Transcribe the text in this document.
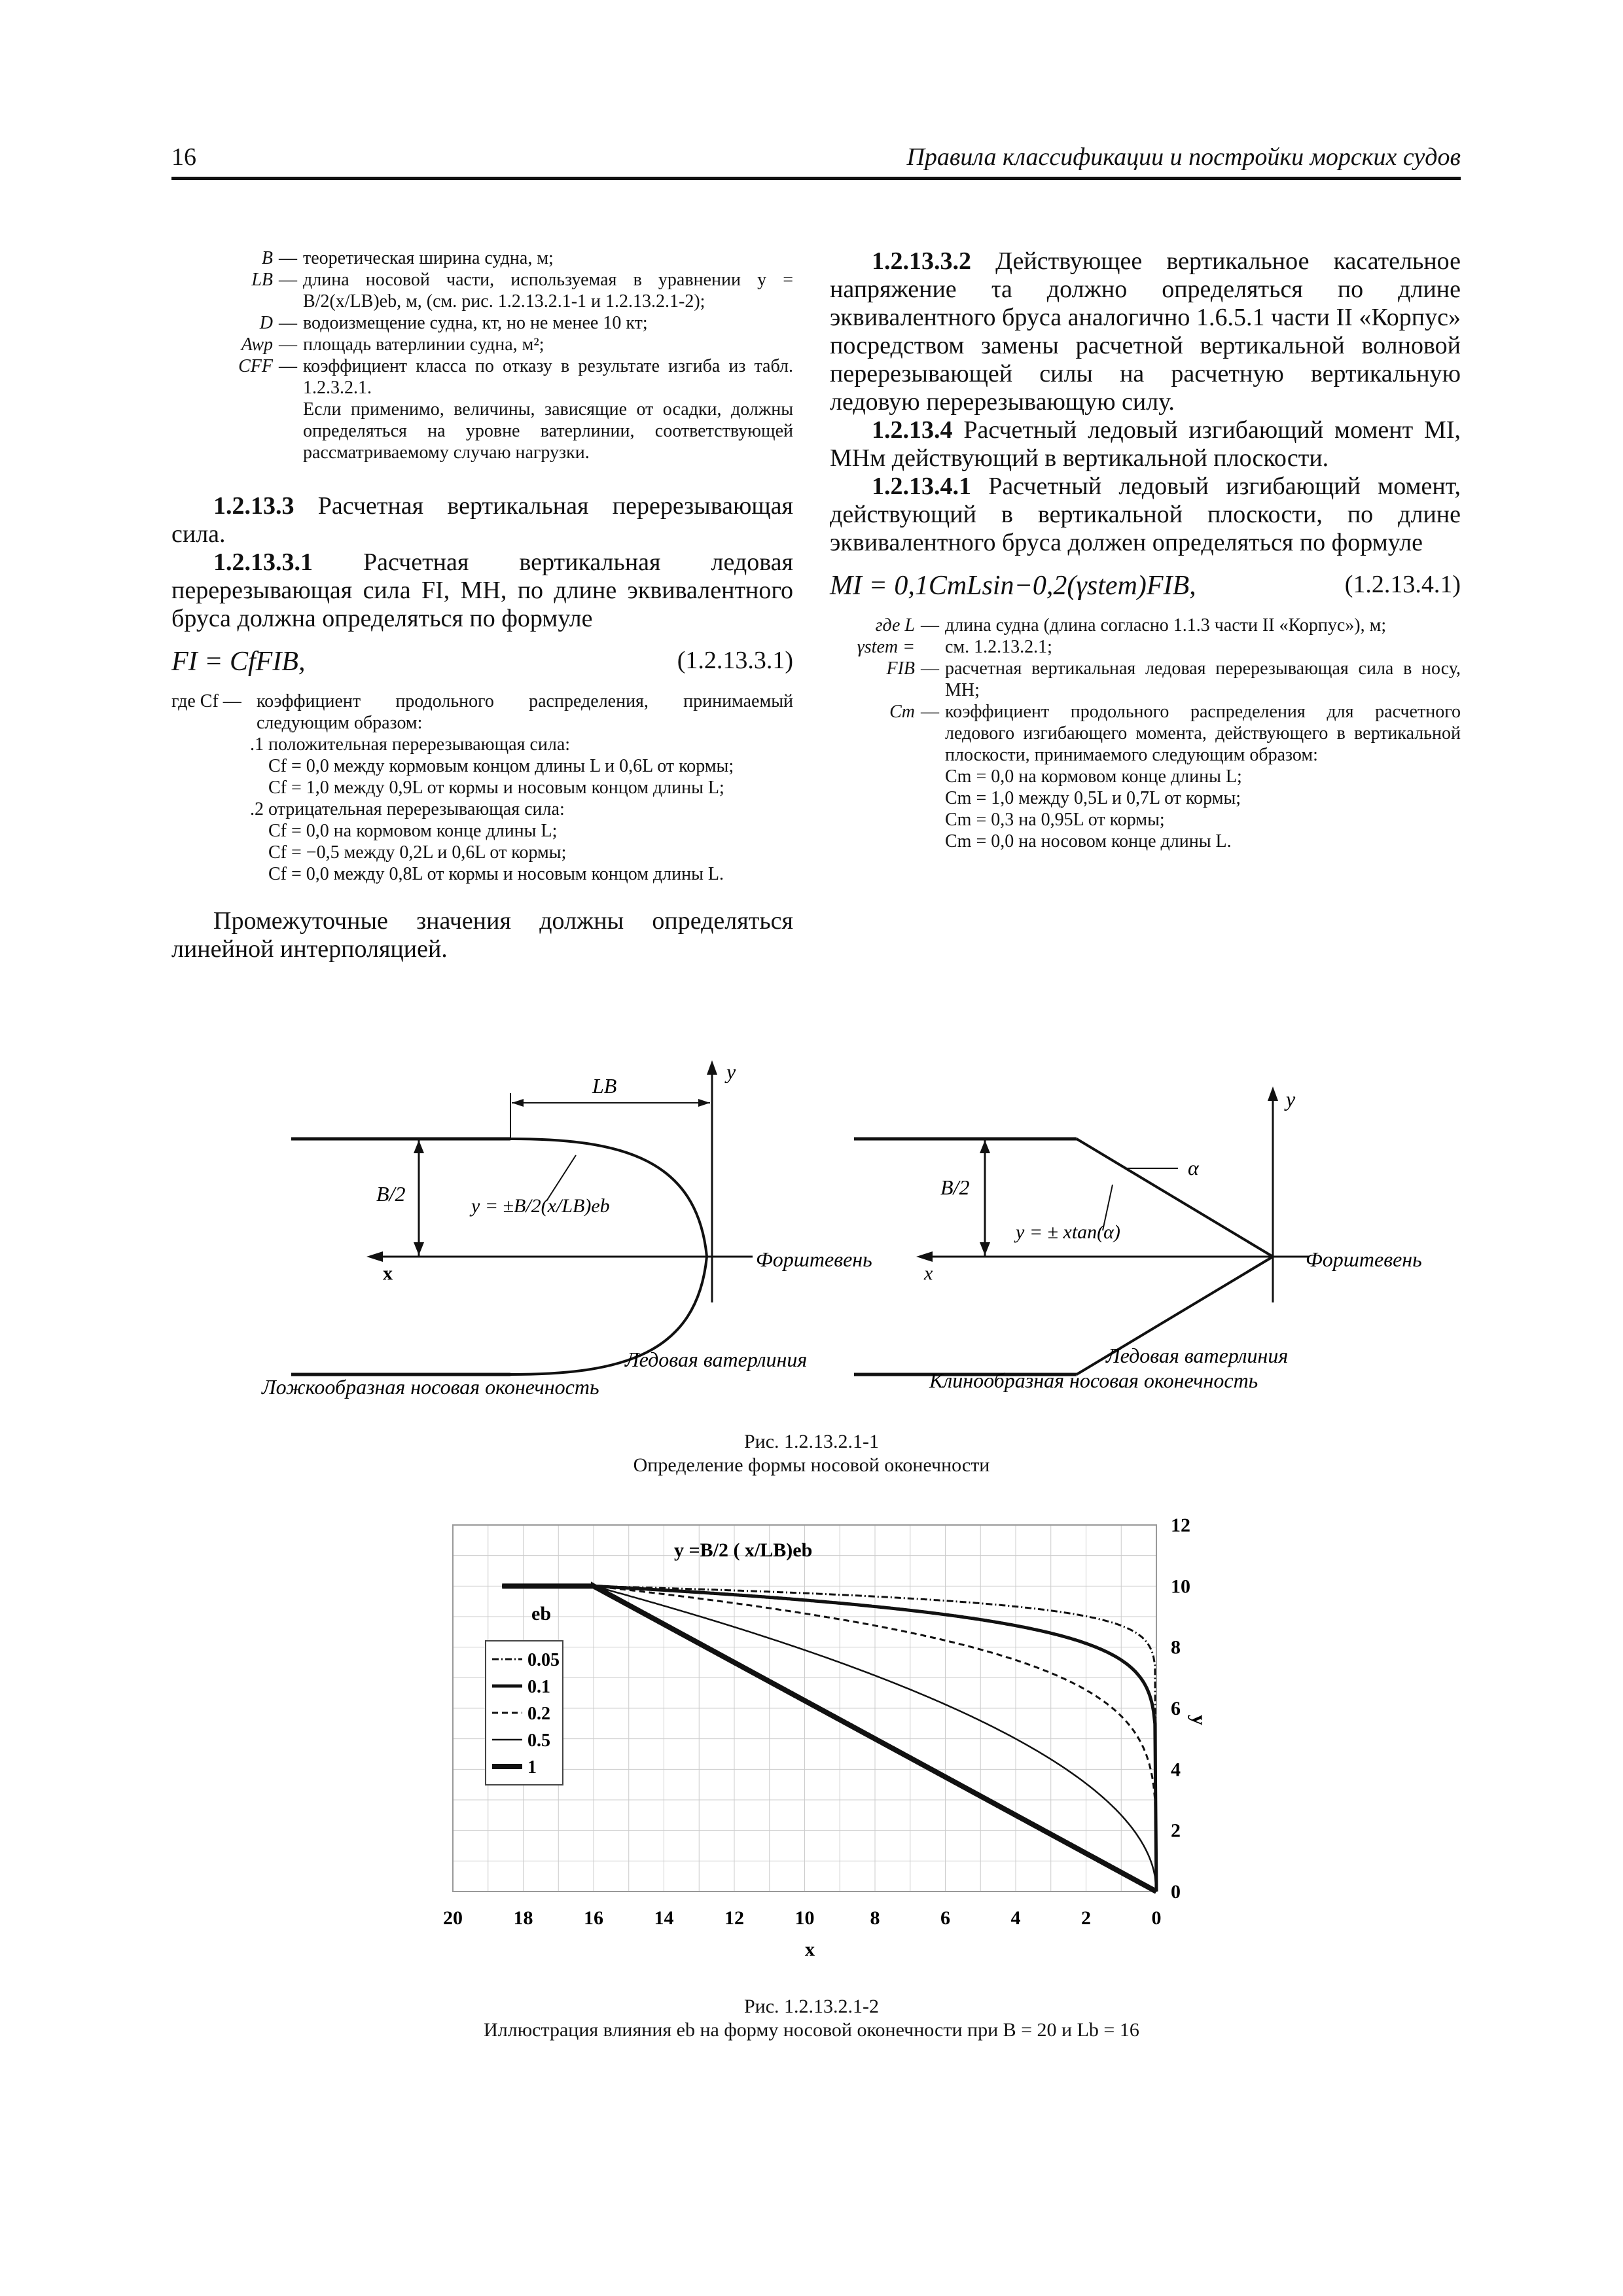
16	Правила классификации и постройки морских судов
B — теоретическая ширина судна, м;
LB — длина носовой части, используемая в уравнении y = B/2(x/LB)eb, м, (см. рис. 1.2.13.2.1-1 и 1.2.13.2.1-2);
D — водоизмещение судна, кт, но не менее 10 кт;
Awp — площадь ватерлинии судна, м²;
CFF — коэффициент класса по отказу в результате изгиба из табл. 1.2.3.2.1.
Если применимо, величины, зависящие от осадки, должны определяться на уровне ватерлинии, соответствующей рассматриваемому случаю нагрузки.

1.2.13.3 Расчетная вертикальная перерезывающая сила.

1.2.13.3.1 Расчетная вертикальная ледовая перерезывающая сила FI, МН, по длине эквивалентного бруса должна определяться по формуле

FI = CfFIB,	(1.2.13.3.1)
где Cf — коэффициент продольного распределения, принимаемый следующим образом:
.1 положительная перерезывающая сила:
Cf = 0,0 между кормовым концом длины L и 0,6L от кормы;
Cf = 1,0 между 0,9L от кормы и носовым концом длины L;
.2 отрицательная перерезывающая сила:
Cf = 0,0 на кормовом конце длины L;
Cf = −0,5 между 0,2L и 0,6L от кормы;
Cf = 0,0 между 0,8L от кормы и носовым концом длины L.

Промежуточные значения должны определяться линейной интерполяцией.

1.2.13.3.2 Действующее вертикальное касательное напряжение τa должно определяться по длине эквивалентного бруса аналогично 1.6.5.1 части II «Корпус» посредством замены расчетной вертикальной волновой перерезывающей силы на расчетную вертикальную ледовую перерезывающую силу.

1.2.13.4 Расчетный ледовый изгибающий момент MI, МНм действующий в вертикальной плоскости.

1.2.13.4.1 Расчетный ледовый изгибающий момент, действующий в вертикальной плоскости, по длине эквивалентного бруса должен определяться по формуле

MI = 0,1CmLsin−0,2(γstem)FIB,	(1.2.13.4.1)
где L — длина судна (длина согласно 1.1.3 части II «Корпус»), м;
γstem = см. 1.2.13.2.1;
FIB — расчетная вертикальная ледовая перерезывающая сила в носу, МН;
Cm — коэффициент продольного распределения для расчетного ледового изгибающего момента, действующего в вертикальной плоскости, принимаемого следующим образом:
Cm = 0,0 на кормовом конце длины L;
Cm = 1,0 между 0,5L и 0,7L от кормы;
Cm = 0,3 на 0,95L от кормы;
Cm = 0,0 на носовом конце длины L.
LB
B/2
y = ±B/2(x/LB)eb
y
x
Форштевень
Ледовая ватерлиния
Ложкообразная носовая оконечность
B/2
y = ± xtan(α)
α
y
x
Форштевень
Ледовая ватерлиния
Клинообразная носовая оконечность
Рис. 1.2.13.2.1-1
Определение формы носовой оконечности
20	18	16	14	12	10	8	6	4	2	0
0
2
4
6
8
10
12
y =B/2 ( x/LB)eb
x
y
eb
0.05
0.1
0.2
0.5
1
Рис. 1.2.13.2.1-2
Иллюстрация влияния eb на форму носовой оконечности при B = 20 и Lb = 16
